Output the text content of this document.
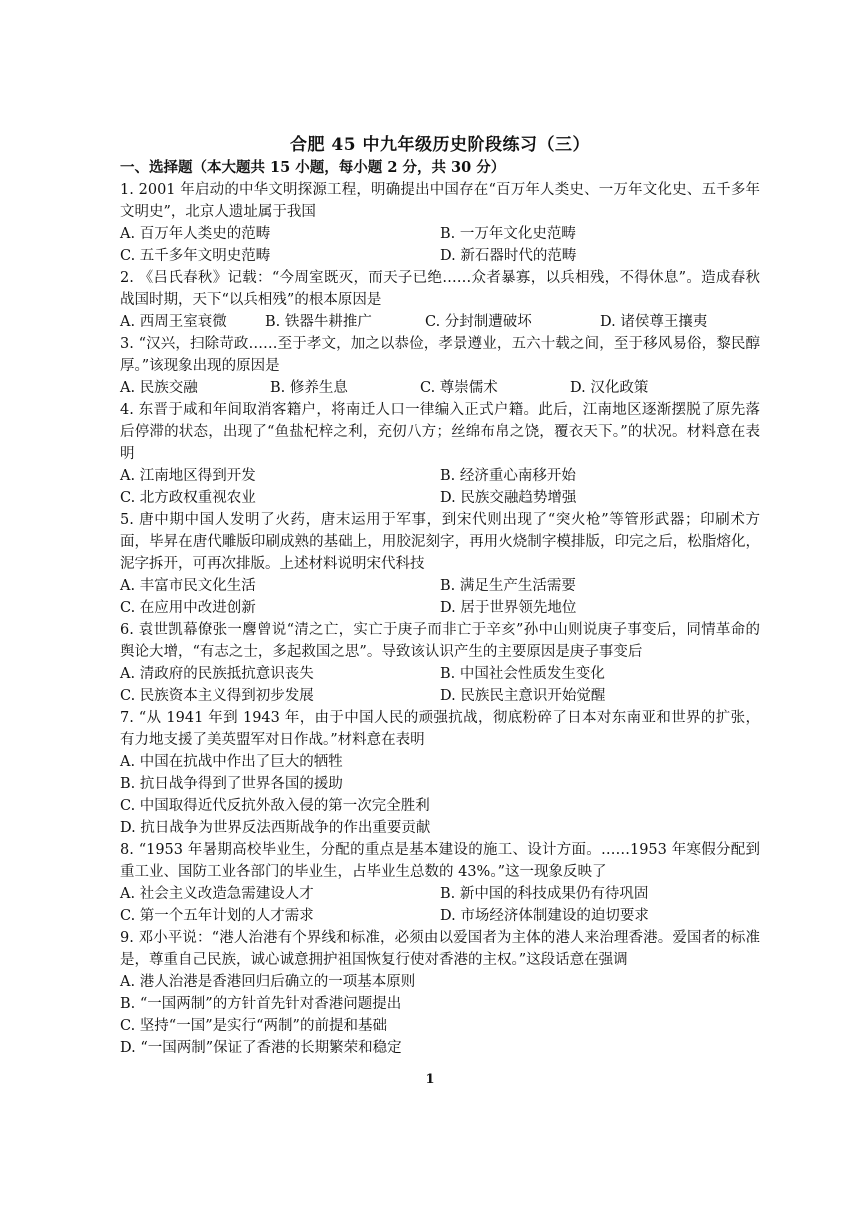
合肥 45 中九年级历史阶段练习（三）
一、选择题（本大题共 15 小题，每小题 2 分，共 30 分）
1. 2001 年启动的中华文明探源工程，明确提出中国存在“百万年人类史、一万年文化史、五千多年文明史”，北京人遗址属于我国
A. 百万年人类史的范畴	B. 一万年文化史范畴
C. 五千多年文明史范畴	D. 新石器时代的范畴
2. 《吕氏春秋》记载：“今周室既灭，而天子已绝……众者暴寡，以兵相残，不得休息”。造成春秋战国时期，天下“以兵相残”的根本原因是
A. 西周王室衰微	B. 铁器牛耕推广	C. 分封制遭破坏	D. 诸侯尊王攘夷
3. “汉兴，扫除苛政……至于孝文，加之以恭俭，孝景遵业，五六十载之间，至于移风易俗，黎民醇厚。”该现象出现的原因是
A. 民族交融	B. 修养生息	C. 尊崇儒术	D. 汉化政策
4. 东晋于咸和年间取消客籍户，将南迁人口一律编入正式户籍。此后，江南地区逐渐摆脱了原先落后停滞的状态，出现了“鱼盐杞梓之利，充仞八方；丝绵布帛之饶，覆衣天下。”的状况。材料意在表明
A. 江南地区得到开发	B. 经济重心南移开始
C. 北方政权重视农业	D. 民族交融趋势增强
5. 唐中期中国人发明了火药，唐末运用于军事，到宋代则出现了“突火枪”等管形武器；印刷术方面，毕昇在唐代雕版印刷成熟的基础上，用胶泥刻字，再用火烧制字模排版，印完之后，松脂熔化，泥字拆开，可再次排版。上述材料说明宋代科技
A. 丰富市民文化生活	B. 满足生产生活需要
C. 在应用中改进创新	D. 居于世界领先地位
6. 袁世凯幕僚张一麐曾说“清之亡，实亡于庚子而非亡于辛亥”孙中山则说庚子事变后，同情革命的舆论大增，“有志之士，多起救国之思”。导致该认识产生的主要原因是庚子事变后
A. 清政府的民族抵抗意识丧失	B. 中国社会性质发生变化
C. 民族资本主义得到初步发展	D. 民族民主意识开始觉醒
7. “从 1941 年到 1943 年，由于中国人民的顽强抗战，彻底粉碎了日本对东南亚和世界的扩张，有力地支援了美英盟军对日作战。”材料意在表明
A. 中国在抗战中作出了巨大的牺牲
B. 抗日战争得到了世界各国的援助
C. 中国取得近代反抗外敌入侵的第一次完全胜利
D. 抗日战争为世界反法西斯战争的作出重要贡献
8. “1953 年暑期高校毕业生，分配的重点是基本建设的施工、设计方面。……1953 年寒假分配到重工业、国防工业各部门的毕业生，占毕业生总数的 43%。”这一现象反映了
A. 社会主义改造急需建设人才	B. 新中国的科技成果仍有待巩固
C. 第一个五年计划的人才需求	D. 市场经济体制建设的迫切要求
9. 邓小平说：“港人治港有个界线和标准，必须由以爱国者为主体的港人来治理香港。爱国者的标准是，尊重自己民族，诚心诚意拥护祖国恢复行使对香港的主权。”这段话意在强调
A. 港人治港是香港回归后确立的一项基本原则
B. “一国两制”的方针首先针对香港问题提出
C. 坚持“一国”是实行“两制”的前提和基础
D. “一国两制”保证了香港的长期繁荣和稳定
1
